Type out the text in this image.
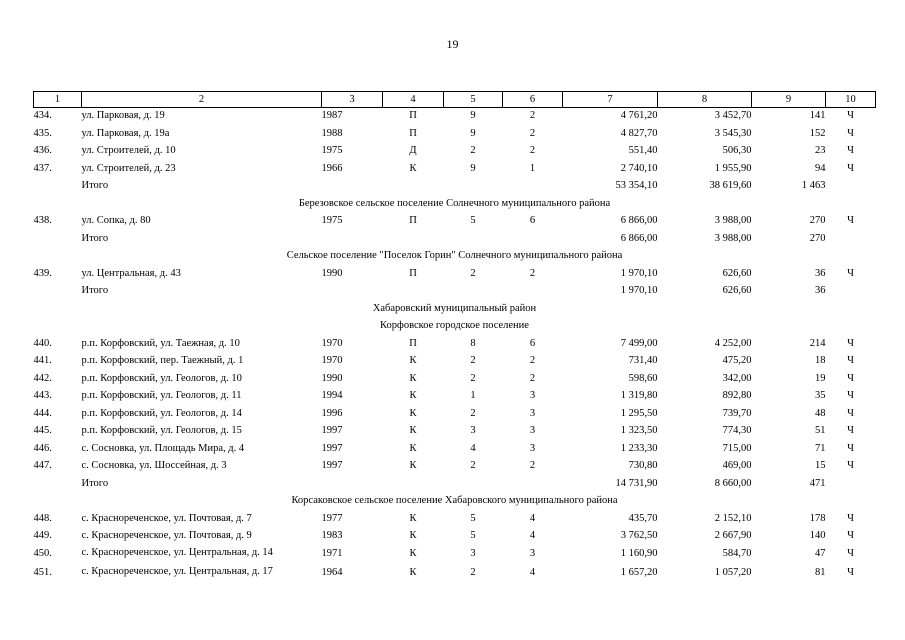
19
1	2	3	4	5	6	7	8	9	10
434.	ул. Парковая, д. 19	1987	П	9	2	4 761,20	3 452,70	141	Ч
435.	ул. Парковая, д. 19а	1988	П	9	2	4 827,70	3 545,30	152	Ч
436.	ул. Строителей, д. 10	1975	Д	2	2	551,40	506,30	23	Ч
437.	ул. Строителей, д. 23	1966	К	9	1	2 740,10	1 955,90	94	Ч
	Итого					53 354,10	38 619,60	1 463	
Березовское сельское поселение Солнечного муниципального района									
438.	ул. Сопка, д. 80	1975	П	5	6	6 866,00	3 988,00	270	Ч
	Итого					6 866,00	3 988,00	270	
Сельское поселение "Поселок Горин" Солнечного муниципального района									
439.	ул. Центральная, д. 43	1990	П	2	2	1 970,10	626,60	36	Ч
	Итого					1 970,10	626,60	36	
Хабаровский муниципальный район									
Корфовское городское поселение									
440.	р.п. Корфовский, ул. Таежная, д. 10	1970	П	8	6	7 499,00	4 252,00	214	Ч
441.	р.п. Корфовский, пер. Таежный, д. 1	1970	К	2	2	731,40	475,20	18	Ч
442.	р.п. Корфовский, ул. Геологов, д. 10	1990	К	2	2	598,60	342,00	19	Ч
443.	р.п. Корфовский, ул. Геологов, д. 11	1994	К	1	3	1 319,80	892,80	35	Ч
444.	р.п. Корфовский, ул. Геологов, д. 14	1996	К	2	3	1 295,50	739,70	48	Ч
445.	р.п. Корфовский, ул. Геологов, д. 15	1997	К	3	3	1 323,50	774,30	51	Ч
446.	с. Сосновка, ул. Площадь Мира, д. 4	1997	К	4	3	1 233,30	715,00	71	Ч
447.	с. Сосновка, ул. Шоссейная, д. 3	1997	К	2	2	730,80	469,00	15	Ч
	Итого					14 731,90	8 660,00	471	
Корсаковское сельское поселение Хабаровского муниципального района									
448.	с. Краснореченское, ул. Почтовая, д. 7	1977	К	5	4	435,70	2 152,10	178	Ч
449.	с. Краснореченское, ул. Почтовая, д. 9	1983	К	5	4	3 762,50	2 667,90	140	Ч
450.	с. Краснореченское, ул. Центральная, д. 14	1971	К	3	3	1 160,90	584,70	47	Ч
451.	с. Краснореченское, ул. Центральная, д. 17	1964	К	2	4	1 657,20	1 057,20	81	Ч
